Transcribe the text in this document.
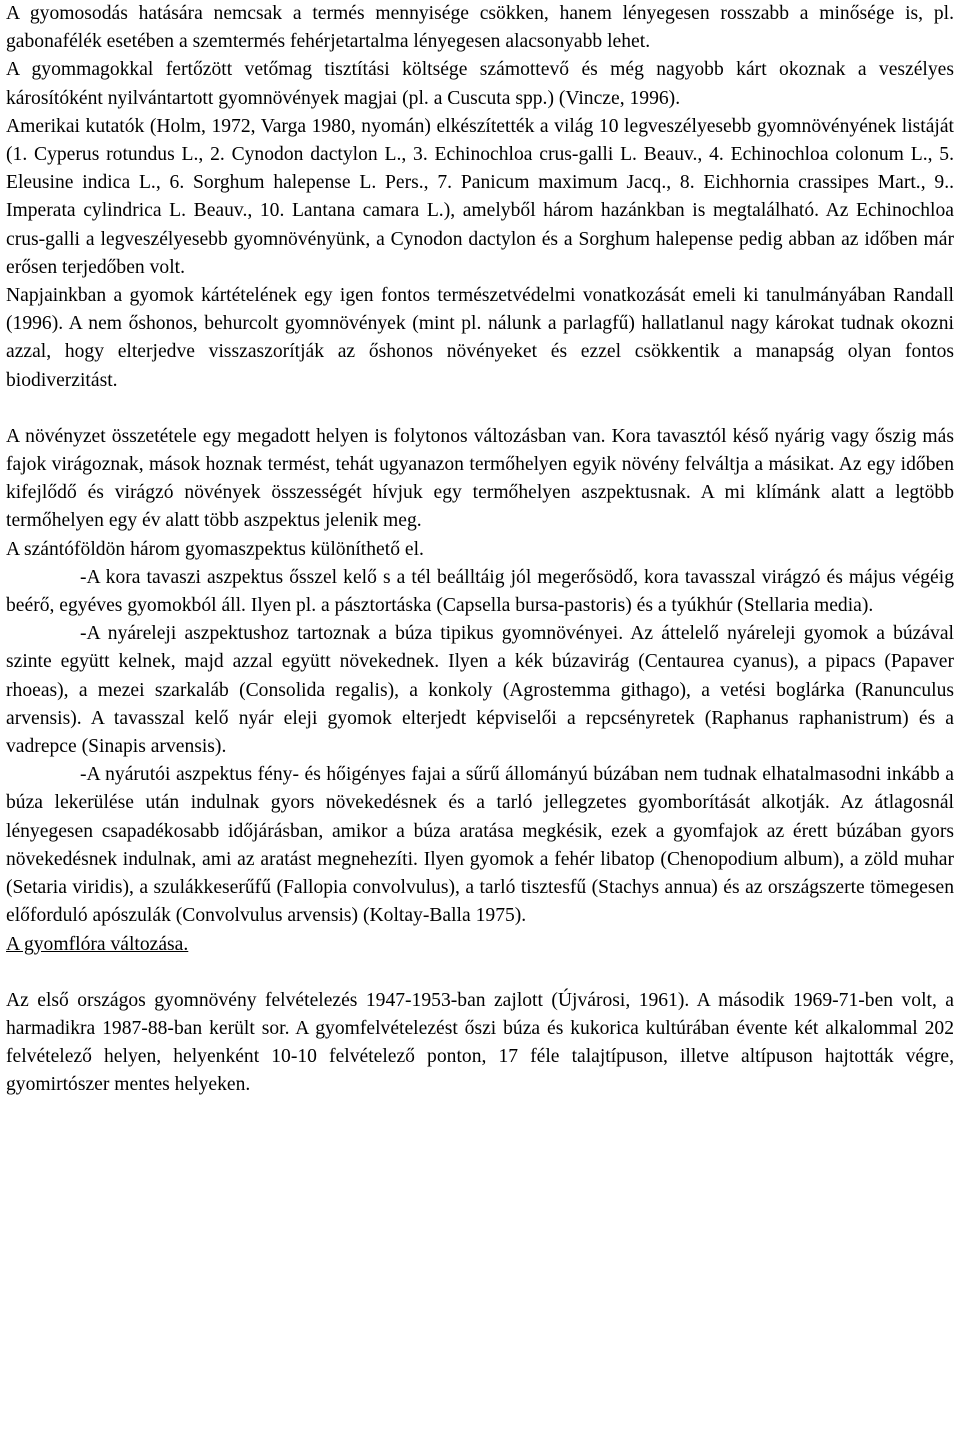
A gyomosodás hatására nemcsak a termés mennyisége csökken, hanem lényegesen rosszabb a minősége is, pl. gabonafélék esetében a szemtermés fehérjetartalma lényegesen alacsonyabb lehet.

A gyommagokkal fertőzött vetőmag tisztítási költsége számottevő és még nagyobb kárt okoznak a veszélyes károsítóként nyilvántartott gyomnövények magjai (pl. a Cuscuta spp.) (Vincze, 1996).

Amerikai kutatók (Holm, 1972, Varga 1980, nyomán) elkészítették a világ 10 legveszélyesebb gyomnövényének listáját (1. Cyperus rotundus L., 2. Cynodon dactylon L., 3. Echinochloa crus-galli L. Beauv., 4. Echinochloa colonum L., 5. Eleusine indica L., 6. Sorghum halepense L. Pers., 7. Panicum maximum Jacq., 8. Eichhornia crassipes Mart., 9.. Imperata cylindrica L. Beauv., 10. Lantana camara L.), amelyből három hazánkban is megtalálható. Az Echinochloa crus-galli a legveszélyesebb gyomnövényünk, a Cynodon dactylon és a Sorghum halepense pedig abban az időben már erősen terjedőben volt.

Napjainkban a gyomok kártételének egy igen fontos természetvédelmi vonatkozását emeli ki tanulmányában Randall (1996). A nem őshonos, behurcolt gyomnövények (mint pl. nálunk a parlagfű) hallatlanul nagy károkat tudnak okozni azzal, hogy elterjedve visszaszorítják az őshonos növényeket és ezzel csökkentik a manapság olyan fontos biodiverzitást.

A növényzet összetétele egy megadott helyen is folytonos változásban van. Kora tavasztól késő nyárig vagy őszig más fajok virágoznak, mások hoznak termést, tehát ugyanazon termőhelyen egyik növény felváltja a másikat. Az egy időben kifejlődő és virágzó növények összességét hívjuk egy termőhelyen aszpektusnak. A mi klímánk alatt a legtöbb termőhelyen egy év alatt több aszpektus jelenik meg.

A szántóföldön három gyomaszpektus különíthető el.

-A kora tavaszi aszpektus ősszel kelő s a tél beálltáig jól megerősödő, kora tavasszal virágzó és május végéig beérő, egyéves gyomokból áll. Ilyen pl. a pásztortáska (Capsella bursa-pastoris) és a tyúkhúr (Stellaria media).

-A nyáreleji aszpektushoz tartoznak a búza tipikus gyomnövényei. Az áttelelő nyáreleji gyomok a búzával szinte együtt kelnek, majd azzal együtt növekednek. Ilyen a kék búzavirág (Centaurea cyanus), a pipacs (Papaver rhoeas), a mezei szarkaláb (Consolida regalis), a konkoly (Agrostemma githago), a vetési boglárka (Ranunculus arvensis). A tavasszal kelő nyár eleji gyomok elterjedt képviselői a repcsényretek (Raphanus raphanistrum) és a vadrepce (Sinapis arvensis).

-A nyárutói aszpektus fény- és hőigényes fajai a sűrű állományú búzában nem tudnak elhatalmasodni inkább a búza lekerülése után indulnak gyors növekedésnek és a tarló jellegzetes gyomborítását alkotják. Az átlagosnál lényegesen csapadékosabb időjárásban, amikor a búza aratása megkésik, ezek a gyomfajok az érett búzában gyors növekedésnek indulnak, ami az aratást megnehezíti. Ilyen gyomok a fehér libatop (Chenopodium album), a zöld muhar (Setaria viridis), a szulákkeserűfű (Fallopia convolvulus), a tarló tisztesfű (Stachys annua) és az országszerte tömegesen előforduló apószulák (Convolvulus arvensis) (Koltay-Balla 1975).

A gyomflóra változása.

Az első országos gyomnövény felvételezés 1947-1953-ban zajlott (Újvárosi, 1961). A második 1969-71-ben volt, a harmadikra 1987-88-ban került sor. A gyomfelvételezést őszi búza és kukorica kultúrában évente két alkalommal 202 felvételező helyen, helyenként 10-10 felvételező ponton, 17 féle talajtípuson, illetve altípuson hajtották végre, gyomirtószer mentes helyeken.
